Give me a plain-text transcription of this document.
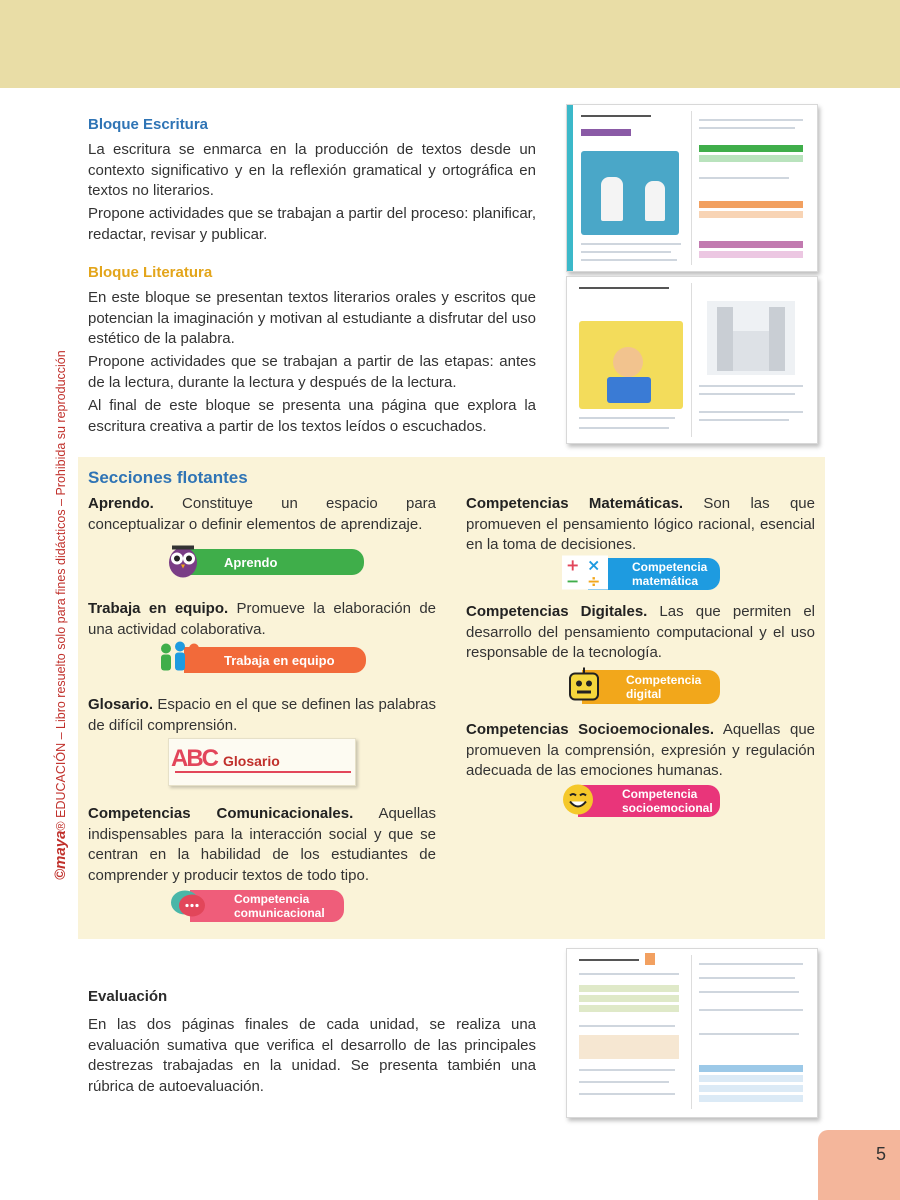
©maya® EDUCACIÓN – Libro resuelto solo para fines didácticos – Prohibida su reproducción
Bloque Escritura

La escritura se enmarca en la producción de textos desde un contexto significativo y en la reflexión gramatical y ortográfica en textos no literarios.

Propone actividades que se trabajan a partir del proceso: planificar, redactar, revisar y publicar.

Bloque Literatura

En este bloque se presentan textos literarios orales y escritos que potencian la imaginación y motivan al estudiante a disfrutar del uso estético de la palabra.

Propone actividades que se trabajan a partir de las etapas: antes de la lectura, durante la lectura y después de la lectura.

Al final de este bloque se presenta una página que explora la escritura creativa a partir de los textos leídos o escuchados.

Secciones flotantes

Aprendo. Constituye un espacio para conceptualizar o definir elementos de aprendizaje.

Aprendo

Trabaja en equipo. Promueve la elaboración de una actividad colaborativa.

Trabaja en equipo

Glosario. Espacio en el que se definen las palabras de difícil comprensión.

ABC Glosario

Competencias Comunicacionales. Aquellas indispensables para la interacción social y que se centran en la habilidad de los estudiantes de comprender y producir textos de todo tipo.

Competencia
comunicacional

Competencias Matemáticas. Son las que promueven el pensamiento lógico racional, esencial en la toma de decisiones.

+ ×
− ÷
Competencia
matemática

Competencias Digitales. Las que permiten el desarrollo del pensamiento computacional y el uso responsable de la tecnología.

Competencia
digital

Competencias Socioemocionales. Aquellas que promueven la comprensión, expresión y regulación adecuada de las emociones humanas.

Competencia
socioemocional
Evaluación

En las dos páginas finales de cada unidad, se realiza una evaluación sumativa que verifica el desarrollo de las principales destrezas trabajadas en la unidad. Se presenta también una rúbrica de autoevaluación.

5
